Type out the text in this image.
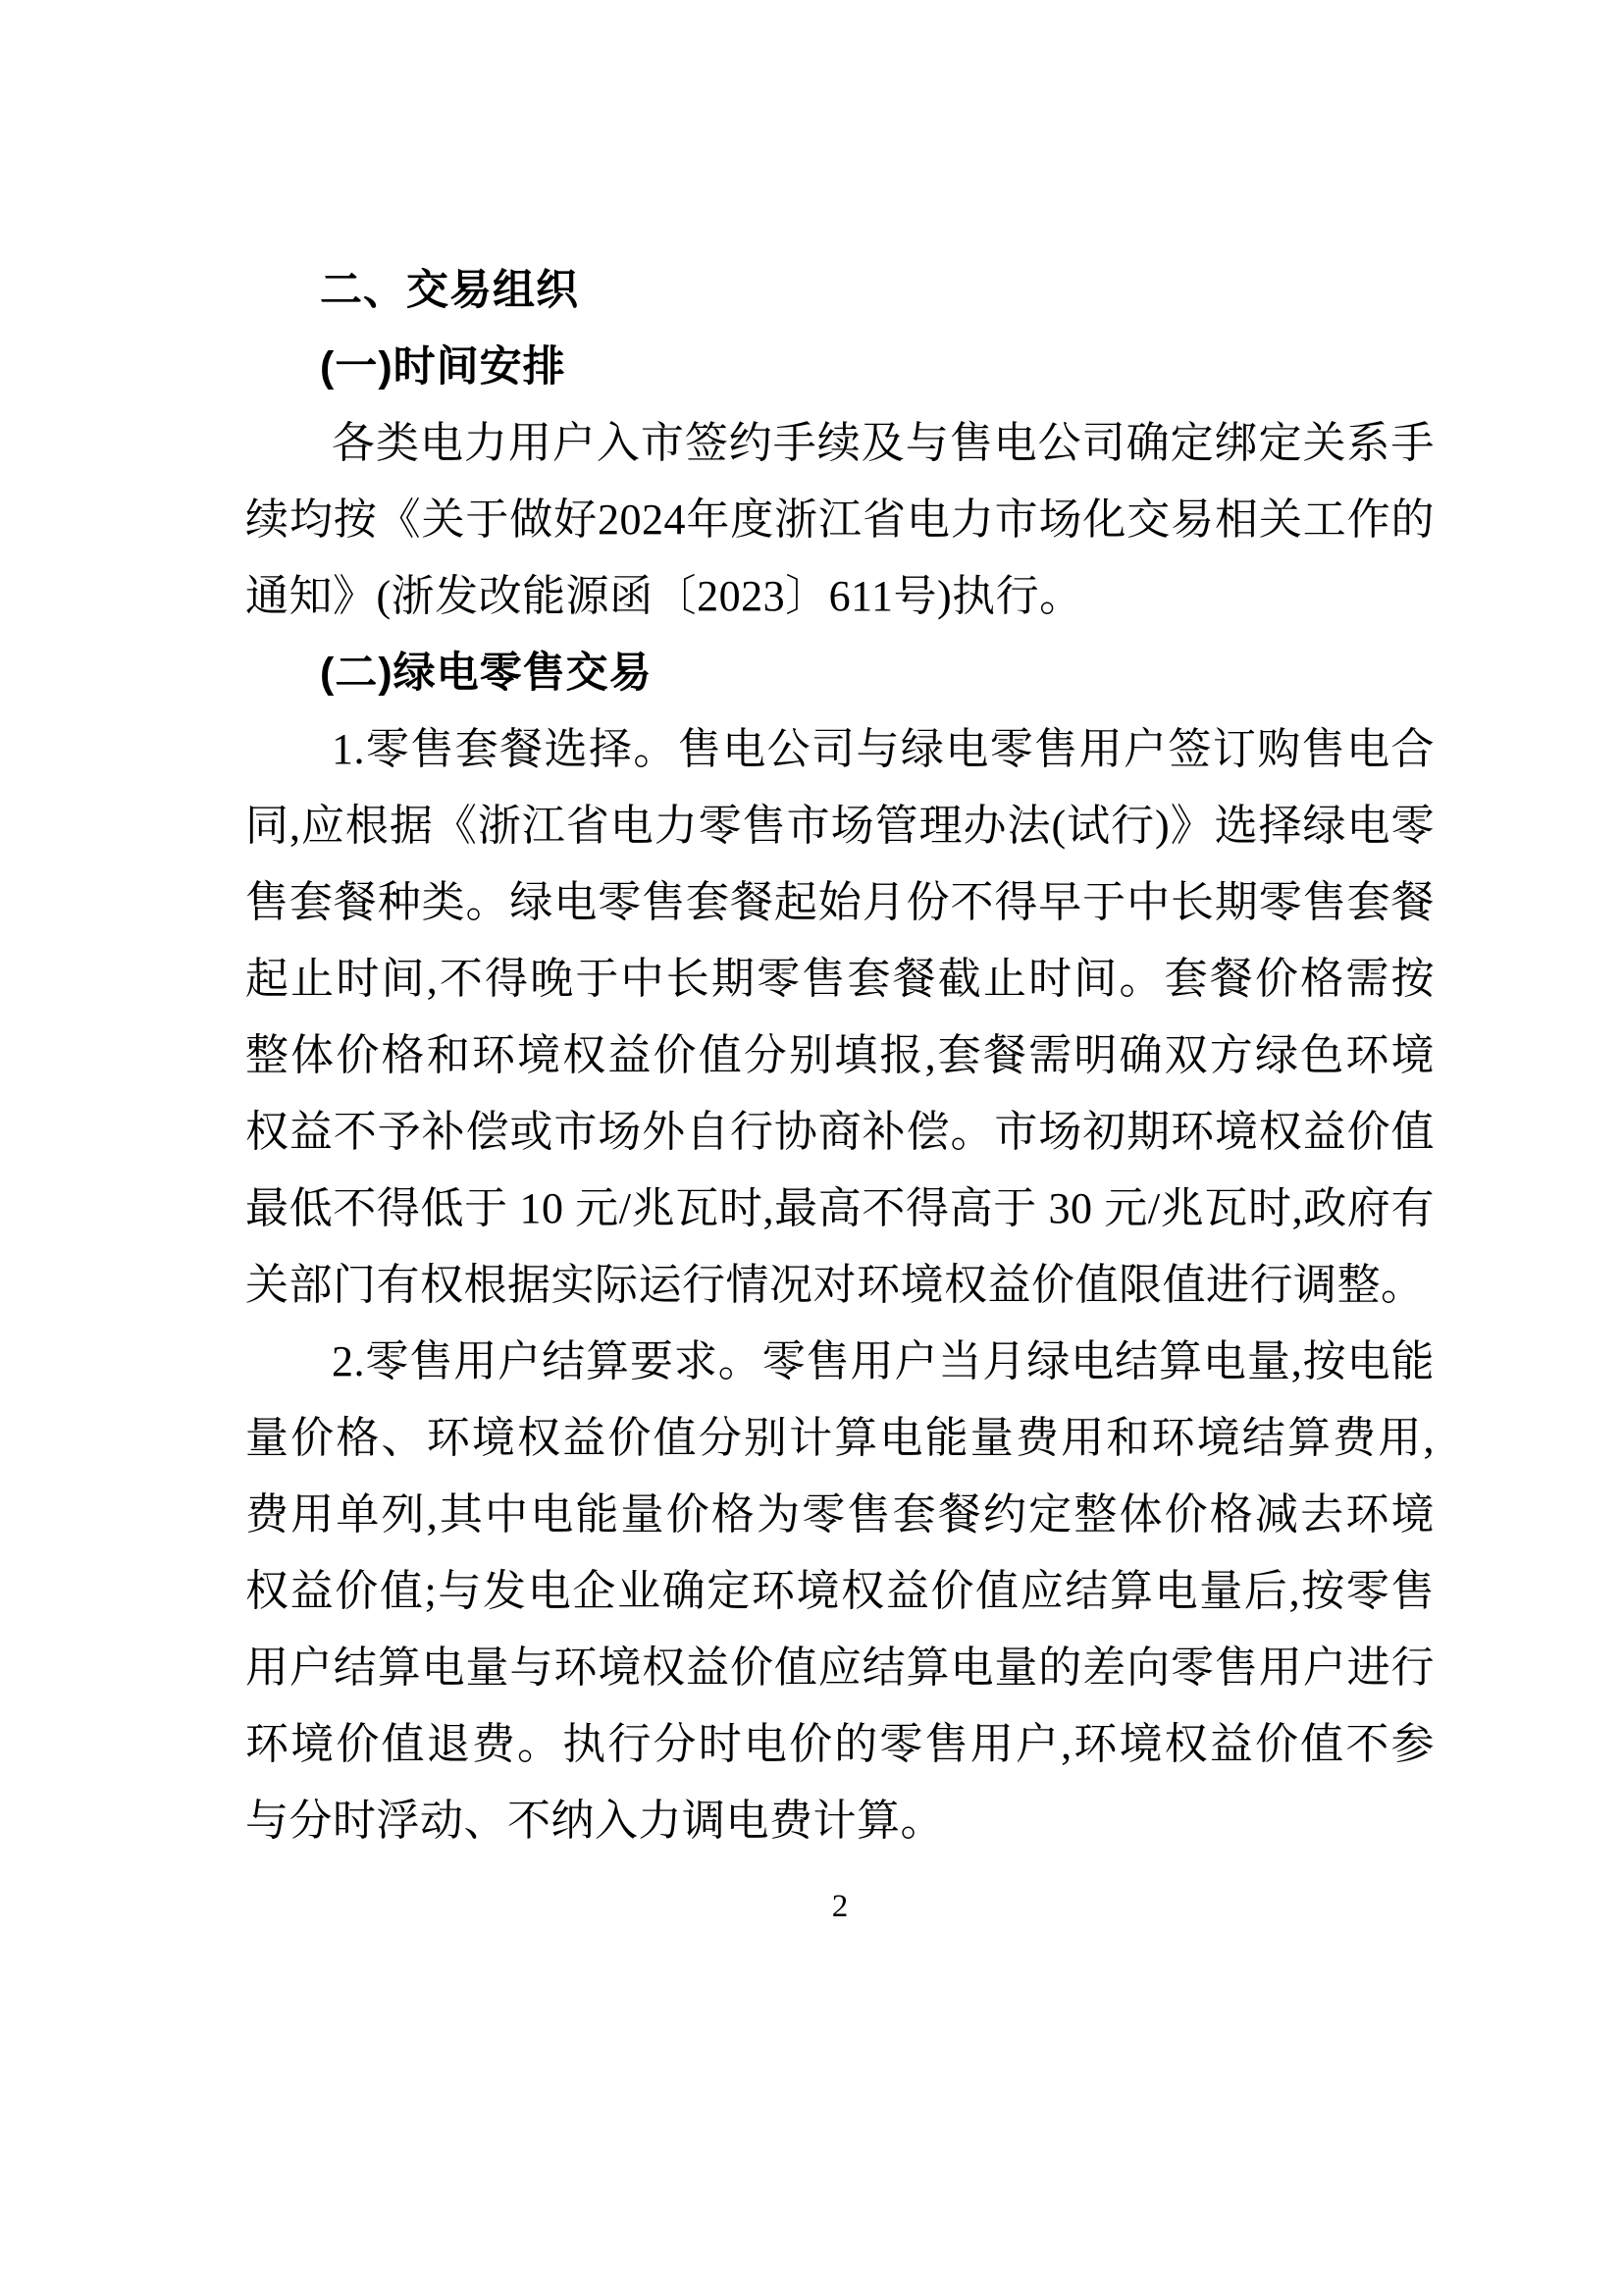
二、交易组织
(一)时间安排

各类电力用户入市签约手续及与售电公司确定绑定关系手续均按《关于做好2024年度浙江省电力市场化交易相关工作的通知》(浙发改能源函〔2023〕611号)执行。

(二)绿电零售交易

1.零售套餐选择。售电公司与绿电零售用户签订购售电合同,应根据《浙江省电力零售市场管理办法(试行)》选择绿电零售套餐种类。绿电零售套餐起始月份不得早于中长期零售套餐起止时间,不得晚于中长期零售套餐截止时间。套餐价格需按整体价格和环境权益价值分别填报,套餐需明确双方绿色环境权益不予补偿或市场外自行协商补偿。市场初期环境权益价值最低不得低于 10 元/兆瓦时,最高不得高于 30 元/兆瓦时,政府有关部门有权根据实际运行情况对环境权益价值限值进行调整。

2.零售用户结算要求。零售用户当月绿电结算电量,按电能量价格、环境权益价值分别计算电能量费用和环境结算费用,费用单列,其中电能量价格为零售套餐约定整体价格减去环境权益价值;与发电企业确定环境权益价值应结算电量后,按零售用户结算电量与环境权益价值应结算电量的差向零售用户进行环境价值退费。执行分时电价的零售用户,环境权益价值不参与分时浮动、不纳入力调电费计算。

2
